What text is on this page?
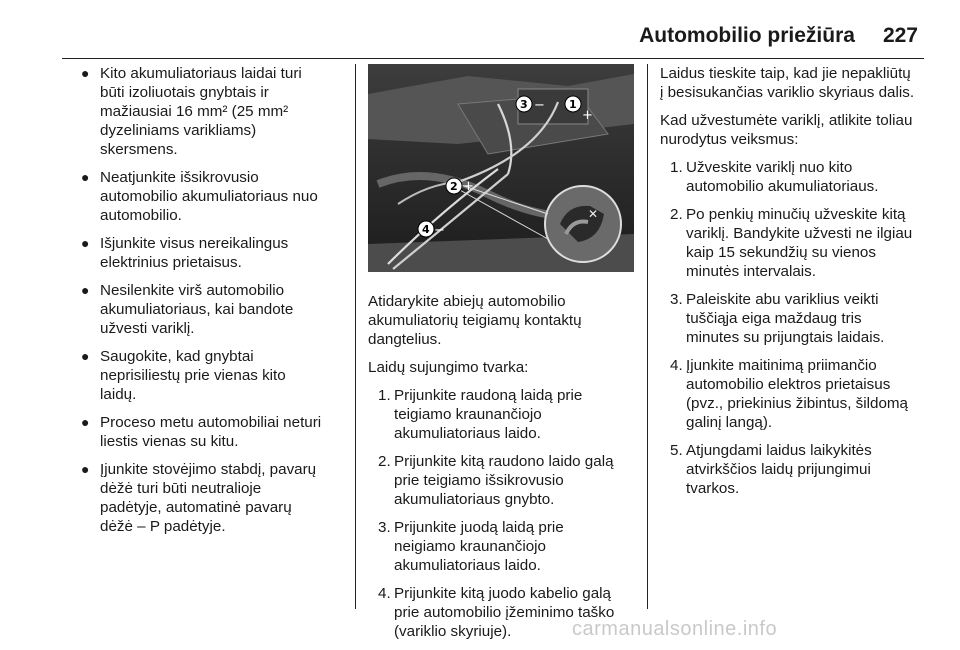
Automobilio priežiūra 227
● Kito akumuliatoriaus laidai turi
būti izoliuotais gnybtais ir
mažiausiai 16 mm² (25 mm²
dyzeliniams varikliams)
skersmens.
● Neatjunkite išsikrovusio
automobilio akumuliatoriaus nuo
automobilio.
● Išjunkite visus nereikalingus
elektrinius prietaisus.
● Nesilenkite virš automobilio
akumuliatoriaus, kai bandote
užvesti variklį.
● Saugokite, kad gnybtai
neprisiliestų prie vienas kito
laidų.
● Proceso metu automobiliai neturi
liestis vienas su kitu.
● Įjunkite stovėjimo stabdį, pavarų
dėžė turi būti neutralioje
padėtyje, automatinė pavarų
dėžė – P padėtyje.
✕
3 − 1
+
2 +
4 −

Atidarykite abiejų automobilio
akumuliatorių teigiamų kontaktų
dangtelius.

Laidų sujungimo tvarka:

1. Prijunkite raudoną laidą prie
teigiamo kraunančiojo
akumuliatoriaus laido.
2. Prijunkite kitą raudono laido galą
prie teigiamo išsikrovusio
akumuliatoriaus gnybto.
3. Prijunkite juodą laidą prie
neigiamo kraunančiojo
akumuliatoriaus laido.
4. Prijunkite kitą juodo kabelio galą
prie automobilio įžeminimo taško
(variklio skyriuje).

Laidus tieskite taip, kad jie nepakliūtų
į besisukančias variklio skyriaus dalis.

Kad užvestumėte variklį, atlikite toliau
nurodytus veiksmus:

1. Užveskite variklį nuo kito
automobilio akumuliatoriaus.
2. Po penkių minučių užveskite kitą
variklį. Bandykite užvesti ne ilgiau
kaip 15 sekundžių su vienos
minutės intervalais.
3. Paleiskite abu variklius veikti
tuščiąja eiga maždaug tris
minutes su prijungtais laidais.
4. Įjunkite maitinimą priimančio
automobilio elektros prietaisus
(pvz., priekinius žibintus, šildomą
galinį langą).
5. Atjungdami laidus laikykitės
atvirkščios laidų prijungimui
tvarkos.
carmanualsonline.info
